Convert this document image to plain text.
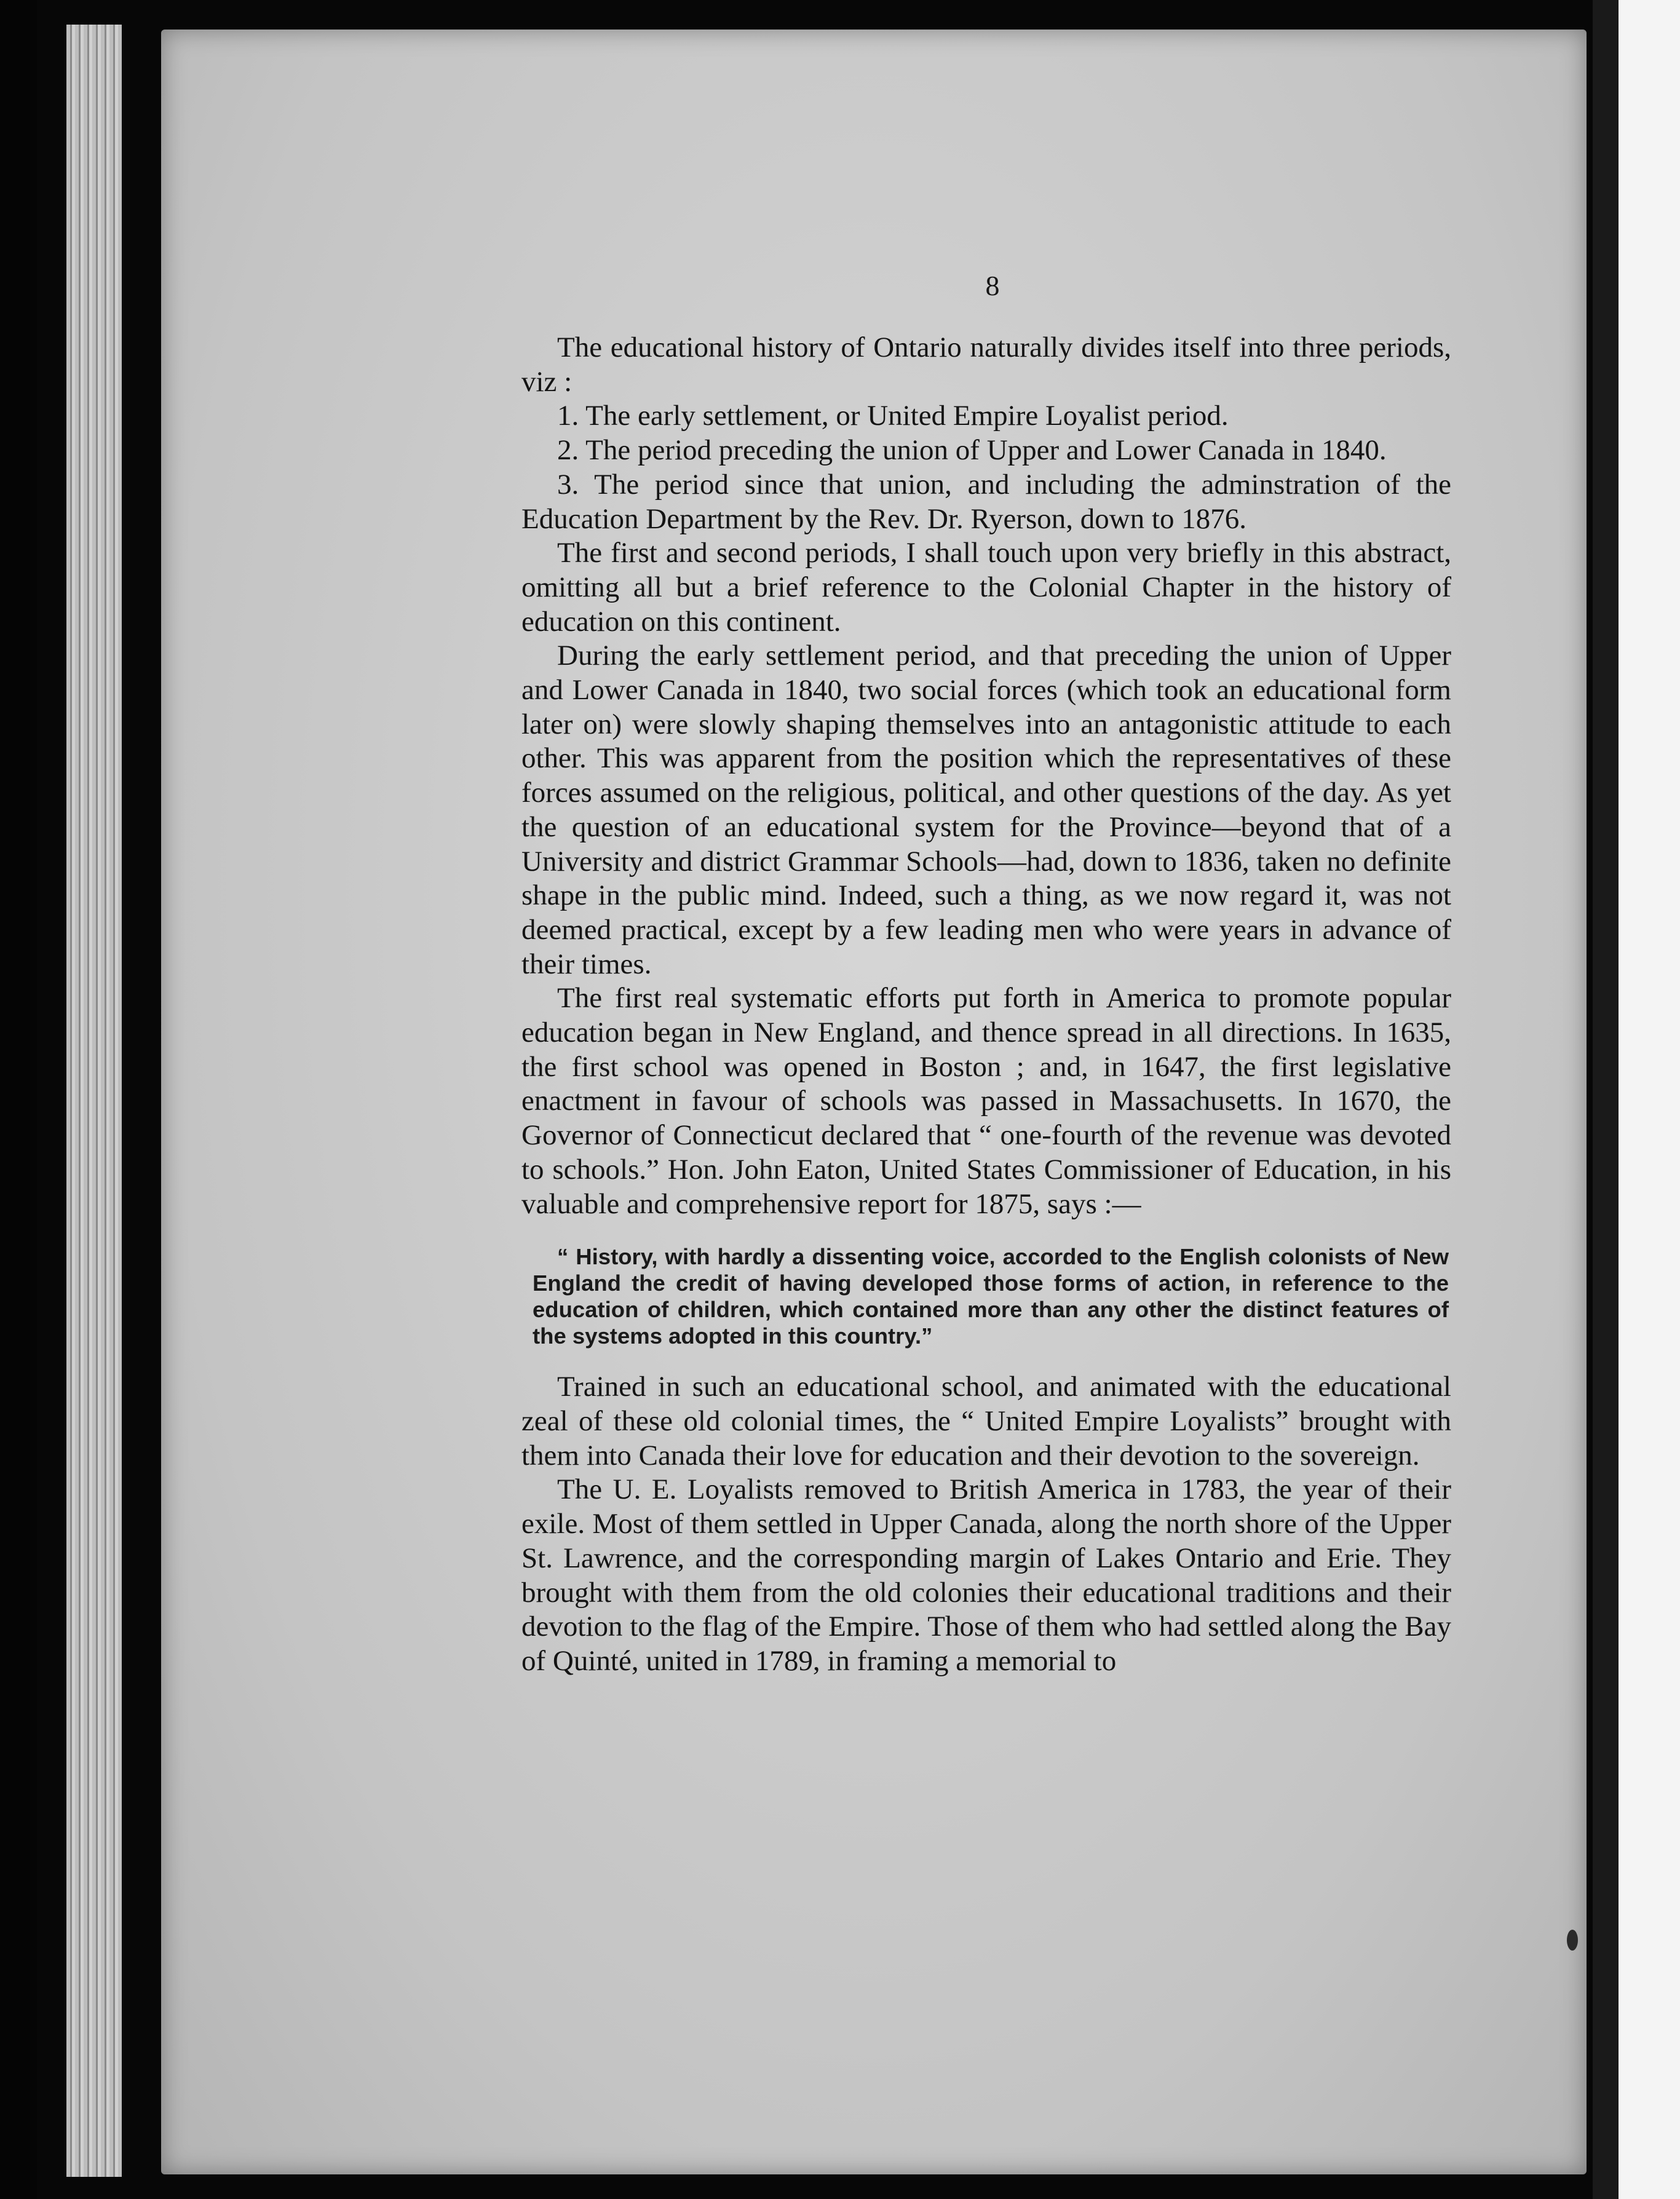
8

The educational history of Ontario naturally divides itself into three periods, viz :

1. The early settlement, or United Empire Loyalist period.

2. The period preceding the union of Upper and Lower Canada in 1840.

3. The period since that union, and including the adminstration of the Education Department by the Rev. Dr. Ryerson, down to 1876.

The first and second periods, I shall touch upon very briefly in this abstract, omitting all but a brief reference to the Colonial Chapter in the history of education on this continent.

During the early settlement period, and that preceding the union of Upper and Lower Canada in 1840, two social forces (which took an educational form later on) were slowly shaping themselves into an antagonistic attitude to each other. This was apparent from the position which the representatives of these forces assumed on the religious, political, and other questions of the day. As yet the question of an educational system for the Province—beyond that of a University and district Grammar Schools—had, down to 1836, taken no definite shape in the public mind. Indeed, such a thing, as we now regard it, was not deemed practical, except by a few leading men who were years in advance of their times.

The first real systematic efforts put forth in America to promote popular education began in New England, and thence spread in all directions. In 1635, the first school was opened in Boston ; and, in 1647, the first legislative enactment in favour of schools was passed in Massachusetts. In 1670, the Governor of Connecticut declared that “ one-fourth of the revenue was devoted to schools.” Hon. John Eaton, United States Commissioner of Education, in his valuable and comprehensive report for 1875, says :—

“ History, with hardly a dissenting voice, accorded to the English colonists of New England the credit of having developed those forms of action, in reference to the education of children, which contained more than any other the distinct features of the systems adopted in this country.”

Trained in such an educational school, and animated with the educational zeal of these old colonial times, the “ United Empire Loyalists” brought with them into Canada their love for education and their devotion to the sovereign.

The U. E. Loyalists removed to British America in 1783, the year of their exile. Most of them settled in Upper Canada, along the north shore of the Upper St. Lawrence, and the corresponding margin of Lakes Ontario and Erie. They brought with them from the old colonies their educational traditions and their devotion to the flag of the Empire. Those of them who had settled along the Bay of Quinté, united in 1789, in framing a memorial to
